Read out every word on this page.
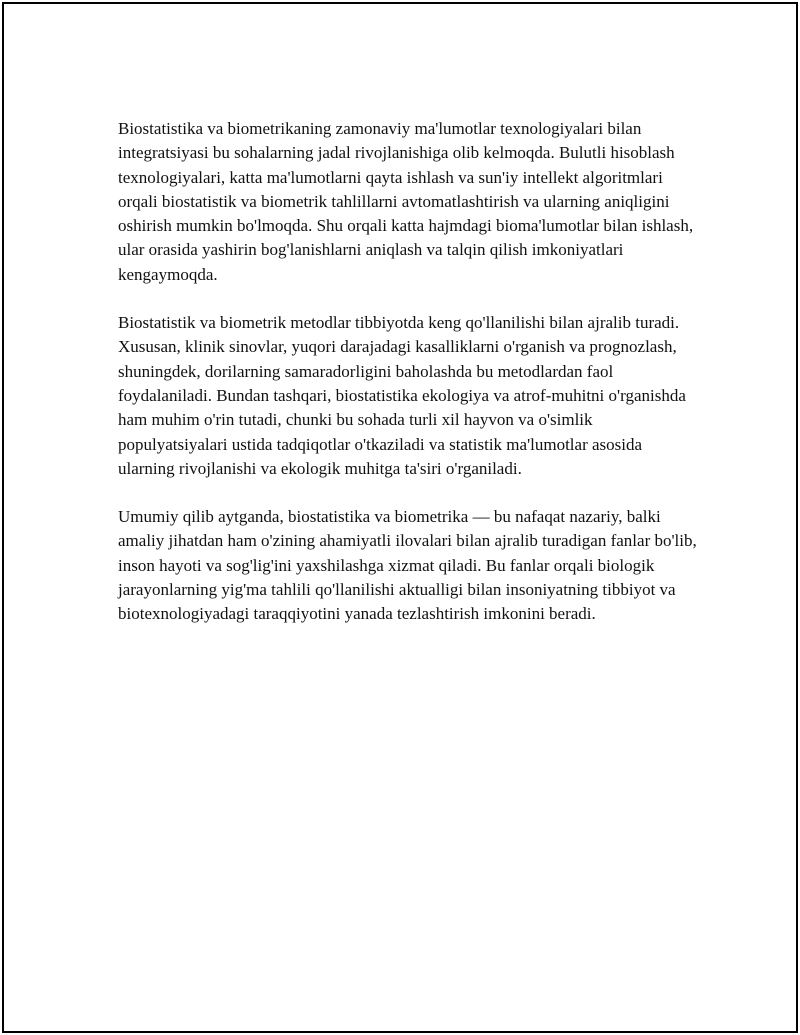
Biostatistika va biometrikaning zamonaviy ma'lumotlar texnologiyalari bilan integratsiyasi bu sohalarning jadal rivojlanishiga olib kelmoqda. Bulutli hisoblash texnologiyalari, katta ma'lumotlarni qayta ishlash va sun'iy intellekt algoritmlari orqali biostatistik va biometrik tahlillarni avtomatlashtirish va ularning aniqligini oshirish mumkin bo'lmoqda. Shu orqali katta hajmdagi bioma'lumotlar bilan ishlash, ular orasida yashirin bog'lanishlarni aniqlash va talqin qilish imkoniyatlari kengaymoqda.

Biostatistik va biometrik metodlar tibbiyotda keng qo'llanilishi bilan ajralib turadi. Xususan, klinik sinovlar, yuqori darajadagi kasalliklarni o'rganish va prognozlash, shuningdek, dorilarning samaradorligini baholashda bu metodlardan faol foydalaniladi. Bundan tashqari, biostatistika ekologiya va atrof-muhitni o'rganishda ham muhim o'rin tutadi, chunki bu sohada turli xil hayvon va o'simlik populyatsiyalari ustida tadqiqotlar o'tkaziladi va statistik ma'lumotlar asosida ularning rivojlanishi va ekologik muhitga ta'siri o'rganiladi.

Umumiy qilib aytganda, biostatistika va biometrika — bu nafaqat nazariy, balki amaliy jihatdan ham o'zining ahamiyatli ilovalari bilan ajralib turadigan fanlar bo'lib, inson hayoti va sog'lig'ini yaxshilashga xizmat qiladi. Bu fanlar orqali biologik jarayonlarning yig'ma tahlili qo'llanilishi aktualligi bilan insoniyatning tibbiyot va biotexnologiyadagi taraqqiyotini yanada tezlashtirish imkonini beradi.
